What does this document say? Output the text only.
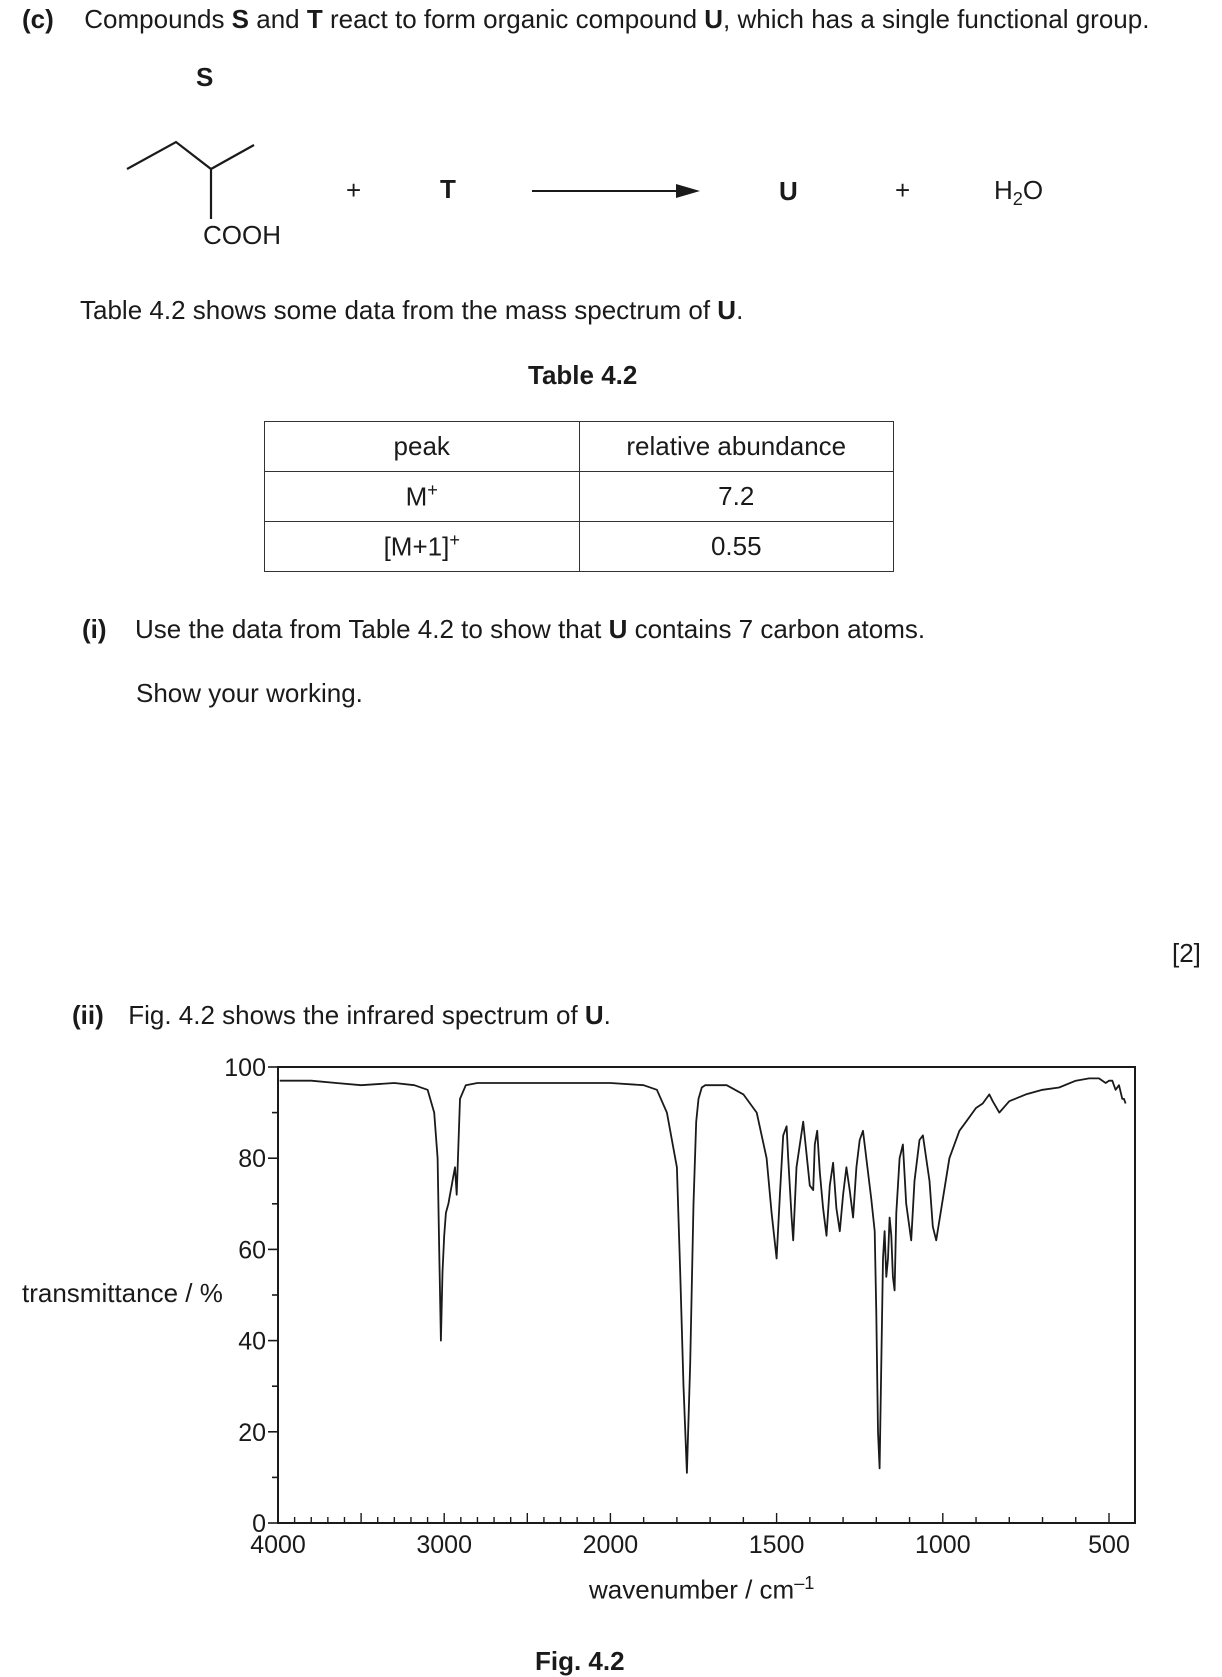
(c) Compounds S and T react to form organic compound U, which has a single functional group.
S
COOH
+	T	U	+	$H_2O$
Table 4.2 shows some data from the mass spectrum of U.
Table 4.2
peak	relative abundance
M+	7.2
[M+1]+	0.55
(i) Use the data from Table 4.2 to show that U contains 7 carbon atoms.
Show your working.
[2]
(ii) Fig. 4.2 shows the infrared spectrum of U.
0
20
40
60
80
100
4000	3000	2000	1500	1000	500
transmittance / %
wavenumber / $cm^{-1}$
Fig. 4.2
